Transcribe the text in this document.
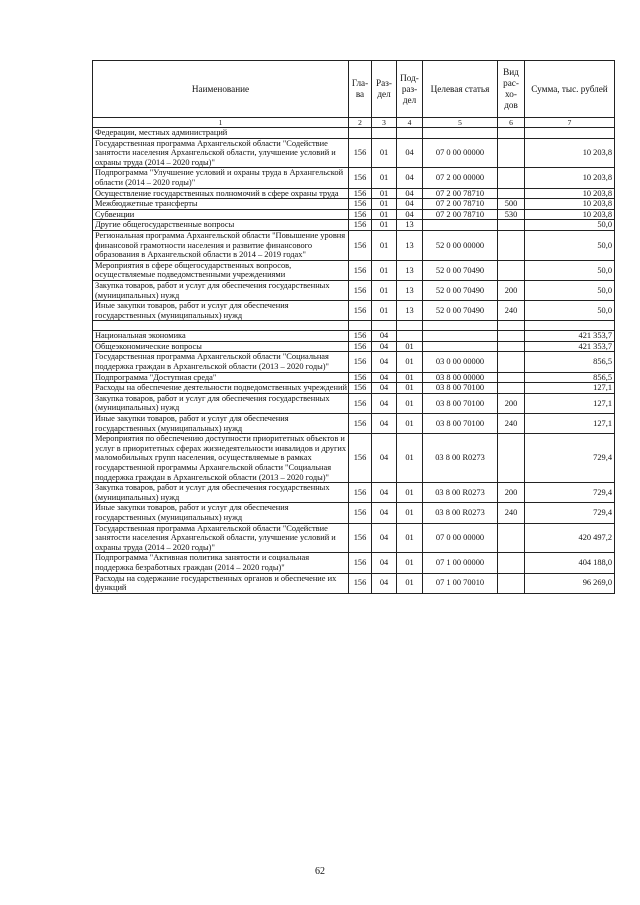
Наименование	Гла-ва	Раз-дел	Под-раз-дел	Целевая статья	Вид рас-хо-дов	Сумма, тыс. рублей
1	2	3	4	5	6	7
Федерации, местных администраций						
Государственная программа Архангельской области "Содействие занятости населения Архангельской области, улучшение условий и охраны труда (2014 – 2020 годы)"	156	01	04	07 0 00 00000		10 203,8
Подпрограмма "Улучшение условий и охраны труда в Архангельской области (2014 – 2020 годы)"	156	01	04	07 2 00 00000		10 203,8
Осуществление государственных полномочий в сфере охраны труда	156	01	04	07 2 00 78710		10 203,8
Межбюджетные трансферты	156	01	04	07 2 00 78710	500	10 203,8
Субвенции	156	01	04	07 2 00 78710	530	10 203,8
Другие общегосударственные вопросы	156	01	13			50,0
Региональная программа Архангельской области "Повышение уровня финансовой грамотности населения и развитие финансового образования в Архангельской области в 2014 – 2019 годах"	156	01	13	52 0 00 00000		50,0
Мероприятия в сфере общегосударственных вопросов, осуществляемые подведомственными учреждениями	156	01	13	52 0 00 70490		50,0
Закупка товаров, работ и услуг для обеспечения государственных (муниципальных) нужд	156	01	13	52 0 00 70490	200	50,0
Иные закупки товаров, работ и услуг для обеспечения государственных (муниципальных) нужд	156	01	13	52 0 00 70490	240	50,0

Национальная экономика	156	04				421 353,7
Общеэкономические вопросы	156	04	01			421 353,7
Государственная программа Архангельской области "Социальная поддержка граждан в Архангельской области (2013 – 2020 годы)"	156	04	01	03 0 00 00000		856,5
Подпрограмма "Доступная среда"	156	04	01	03 8 00 00000		856,5
Расходы на обеспечение деятельности подведомственных учреждений	156	04	01	03 8 00 70100		127,1
Закупка товаров, работ и услуг для обеспечения государственных (муниципальных) нужд	156	04	01	03 8 00 70100	200	127,1
Иные закупки товаров, работ и услуг для обеспечения государственных (муниципальных) нужд	156	04	01	03 8 00 70100	240	127,1
Мероприятия по обеспечению доступности приоритетных объектов и услуг в приоритетных сферах жизнедеятельности инвалидов и других маломобильных групп населения, осуществляемые в рамках государственной программы Архангельской области "Социальная поддержка граждан в Архангельской области (2013 – 2020 годы)"	156	04	01	03 8 00 R0273		729,4
Закупка товаров, работ и услуг для обеспечения государственных (муниципальных) нужд	156	04	01	03 8 00 R0273	200	729,4
Иные закупки товаров, работ и услуг для обеспечения государственных (муниципальных) нужд	156	04	01	03 8 00 R0273	240	729,4
Государственная программа Архангельской области "Содействие занятости населения Архангельской области, улучшение условий и охраны труда (2014 – 2020 годы)"	156	04	01	07 0 00 00000		420 497,2
Подпрограмма "Активная политика занятости и социальная поддержка безработных граждан (2014 – 2020 годы)"	156	04	01	07 1 00 00000		404 188,0
Расходы на содержание государственных органов и обеспечение их функций	156	04	01	07 1 00 70010		96 269,0
62
